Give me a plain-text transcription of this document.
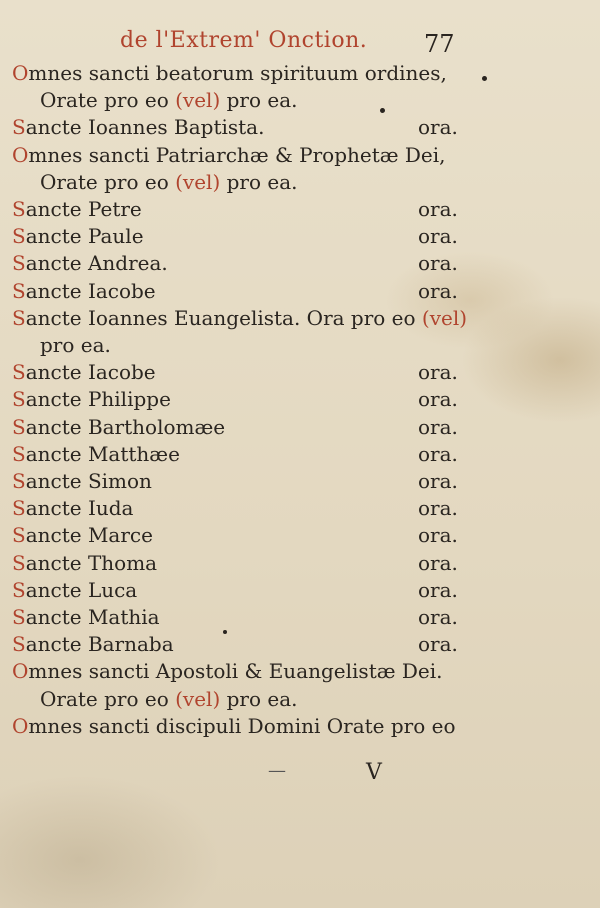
de l'Extrem' Onction. 77
Omnes sancti beatorum spirituum ordines,
Orate pro eo (vel) pro ea.
Sancte Ioannes Baptista.	ora.
Omnes sancti Patriarchæ & Prophetæ Dei,
Orate pro eo (vel) pro ea.
Sancte Petre	ora.
Sancte Paule	ora.
Sancte Andrea.	ora.
Sancte Iacobe	ora.
Sancte Ioannes Euangelista. Ora pro eo (vel)
pro ea.
Sancte Iacobe	ora.
Sancte Philippe	ora.
Sancte Bartholomæe	ora.
Sancte Matthæe	ora.
Sancte Simon	ora.
Sancte Iuda	ora.
Sancte Marce	ora.
Sancte Thoma	ora.
Sancte Luca	ora.
Sancte Mathia	ora.
Sancte Barnaba	ora.
Omnes sancti Apostoli & Euangelistæ Dei.
Orate pro eo (vel) pro ea.
Omnes sancti discipuli Domini Orate pro eo
—	V
